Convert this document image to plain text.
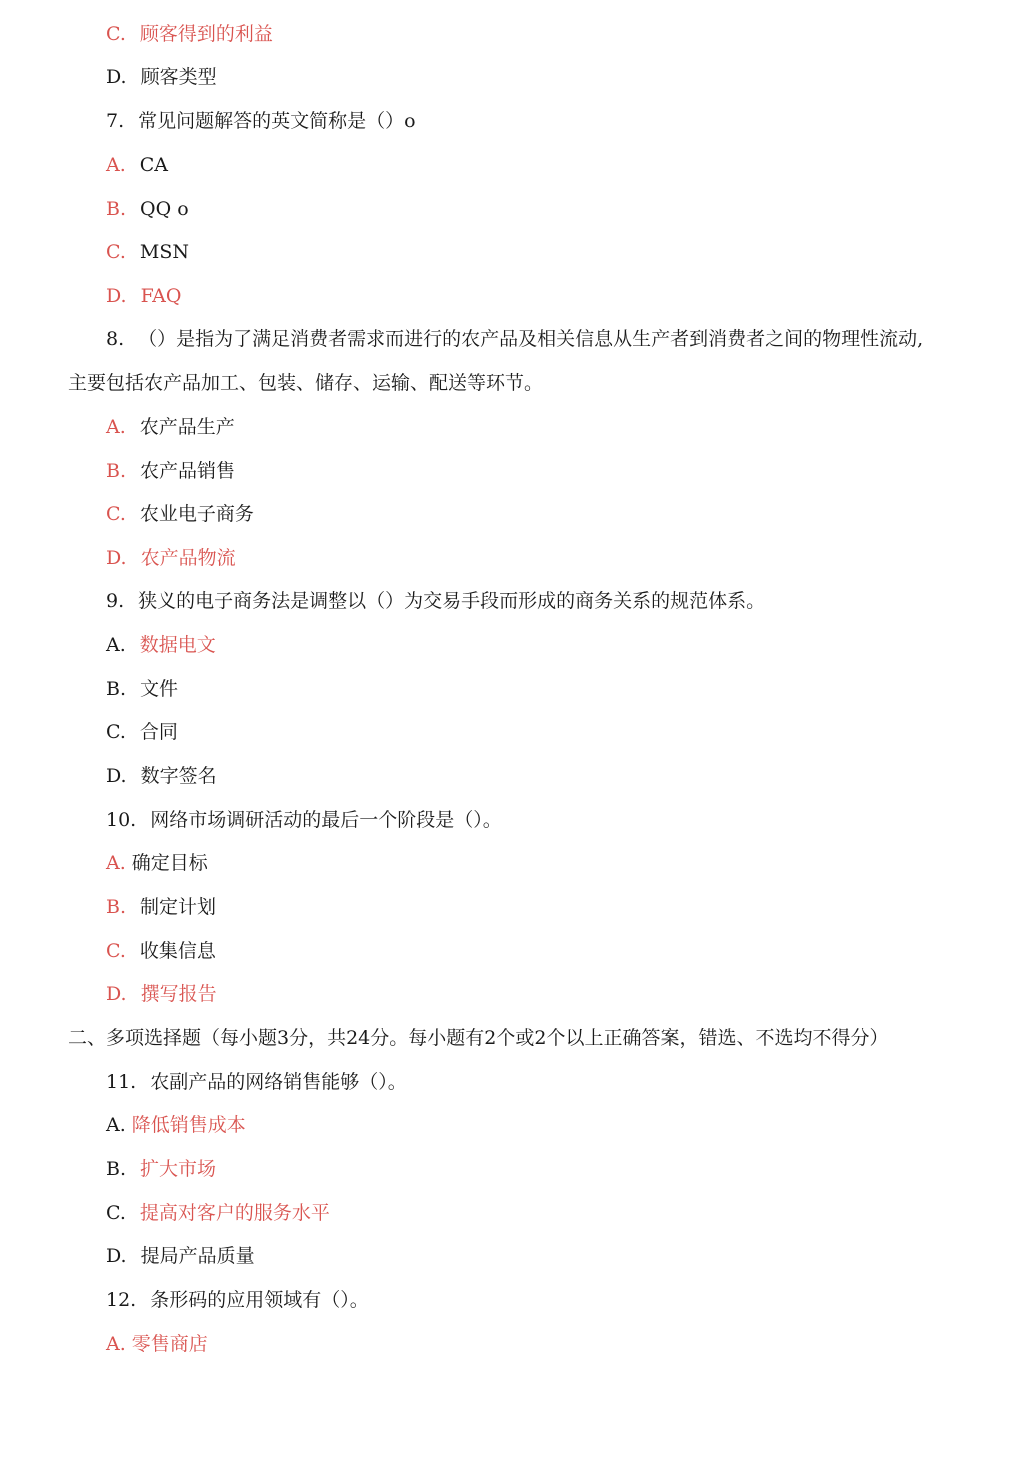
C. 顾客得到的利益
D. 顾客类型
7. 常见问题解答的英文简称是（）o
A. CA
B. QQ o
C. MSN
D. FAQ
8. （）是指为了满足消费者需求而进行的农产品及相关信息从生产者到消费者之间的物理性流动,
主要包括农产品加工、包装、储存、运输、配送等环节。
A. 农产品生产
B. 农产品销售
C. 农业电子商务
D. 农产品物流
9. 狭义的电子商务法是调整以（）为交易手段而形成的商务关系的规范体系。
A. 数据电文
B. 文件
C. 合同
D. 数字签名
10. 网络市场调研活动的最后一个阶段是（）。
A. 确定目标
B. 制定计划
C. 收集信息
D. 撰写报告
二、多项选择题（每小题3分，共24分。每小题有2个或2个以上正确答案，错选、不选均不得分）
11. 农副产品的网络销售能够（）。
A. 降低销售成本
B. 扩大市场
C. 提高对客户的服务水平
D. 提局产品质量
12. 条形码的应用领域有（）。
A. 零售商店
